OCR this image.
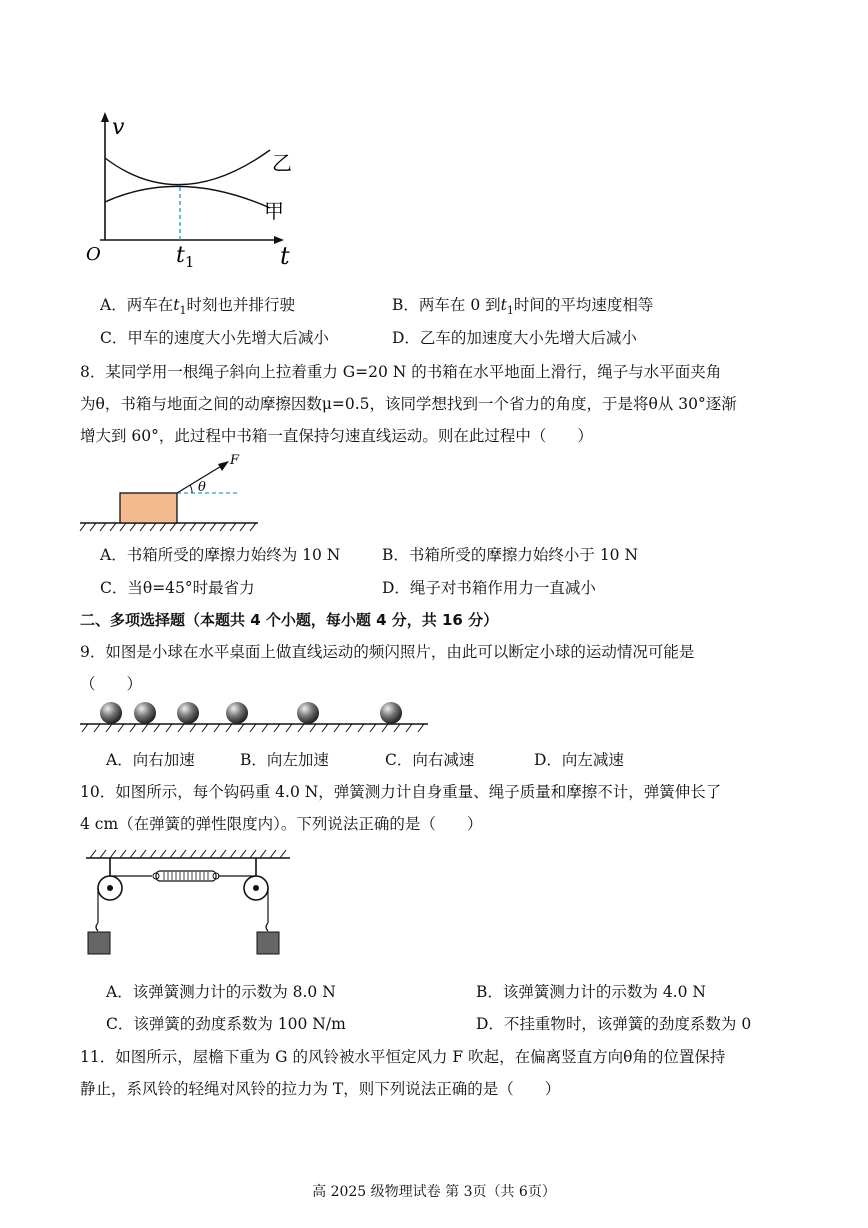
v
乙
甲
O	$t_1$	t
A．两车在$t_1$时刻也并排行驶	B．两车在 0 到$t_1$时间的平均速度相等
C．甲车的速度大小先增大后减小	D．乙车的加速度大小先增大后减小
8．某同学用一根绳子斜向上拉着重力 G=20 N 的书箱在水平地面上滑行，绳子与水平面夹角
为θ，书箱与地面之间的动摩擦因数μ=0.5，该同学想找到一个省力的角度，于是将θ从 30°逐渐
增大到 60°，此过程中书箱一直保持匀速直线运动。则在此过程中（　　）
θ
F
A．书箱所受的摩擦力始终为 10 N	B．书箱所受的摩擦力始终小于 10 N
C．当θ=45°时最省力	D．绳子对书箱作用力一直减小
二、多项选择题（本题共 4 个小题，每小题 4 分，共 16 分）
9．如图是小球在水平桌面上做直线运动的频闪照片，由此可以断定小球的运动情况可能是
（　　）
A．向右加速	B．向左加速	C．向右减速	D．向左减速
10．如图所示，每个钩码重 4.0 N，弹簧测力计自身重量、绳子质量和摩擦不计，弹簧伸长了
4 cm（在弹簧的弹性限度内）。下列说法正确的是（　　）
A．该弹簧测力计的示数为 8.0 N	B．该弹簧测力计的示数为 4.0 N
C．该弹簧的劲度系数为 100 N/m	D．不挂重物时，该弹簧的劲度系数为 0
11．如图所示，屋檐下重为 G 的风铃被水平恒定风力 F 吹起，在偏离竖直方向θ角的位置保持
静止，系风铃的轻绳对风铃的拉力为 T，则下列说法正确的是（　　）
高 2025 级物理试卷 第 3页（共 6页）
